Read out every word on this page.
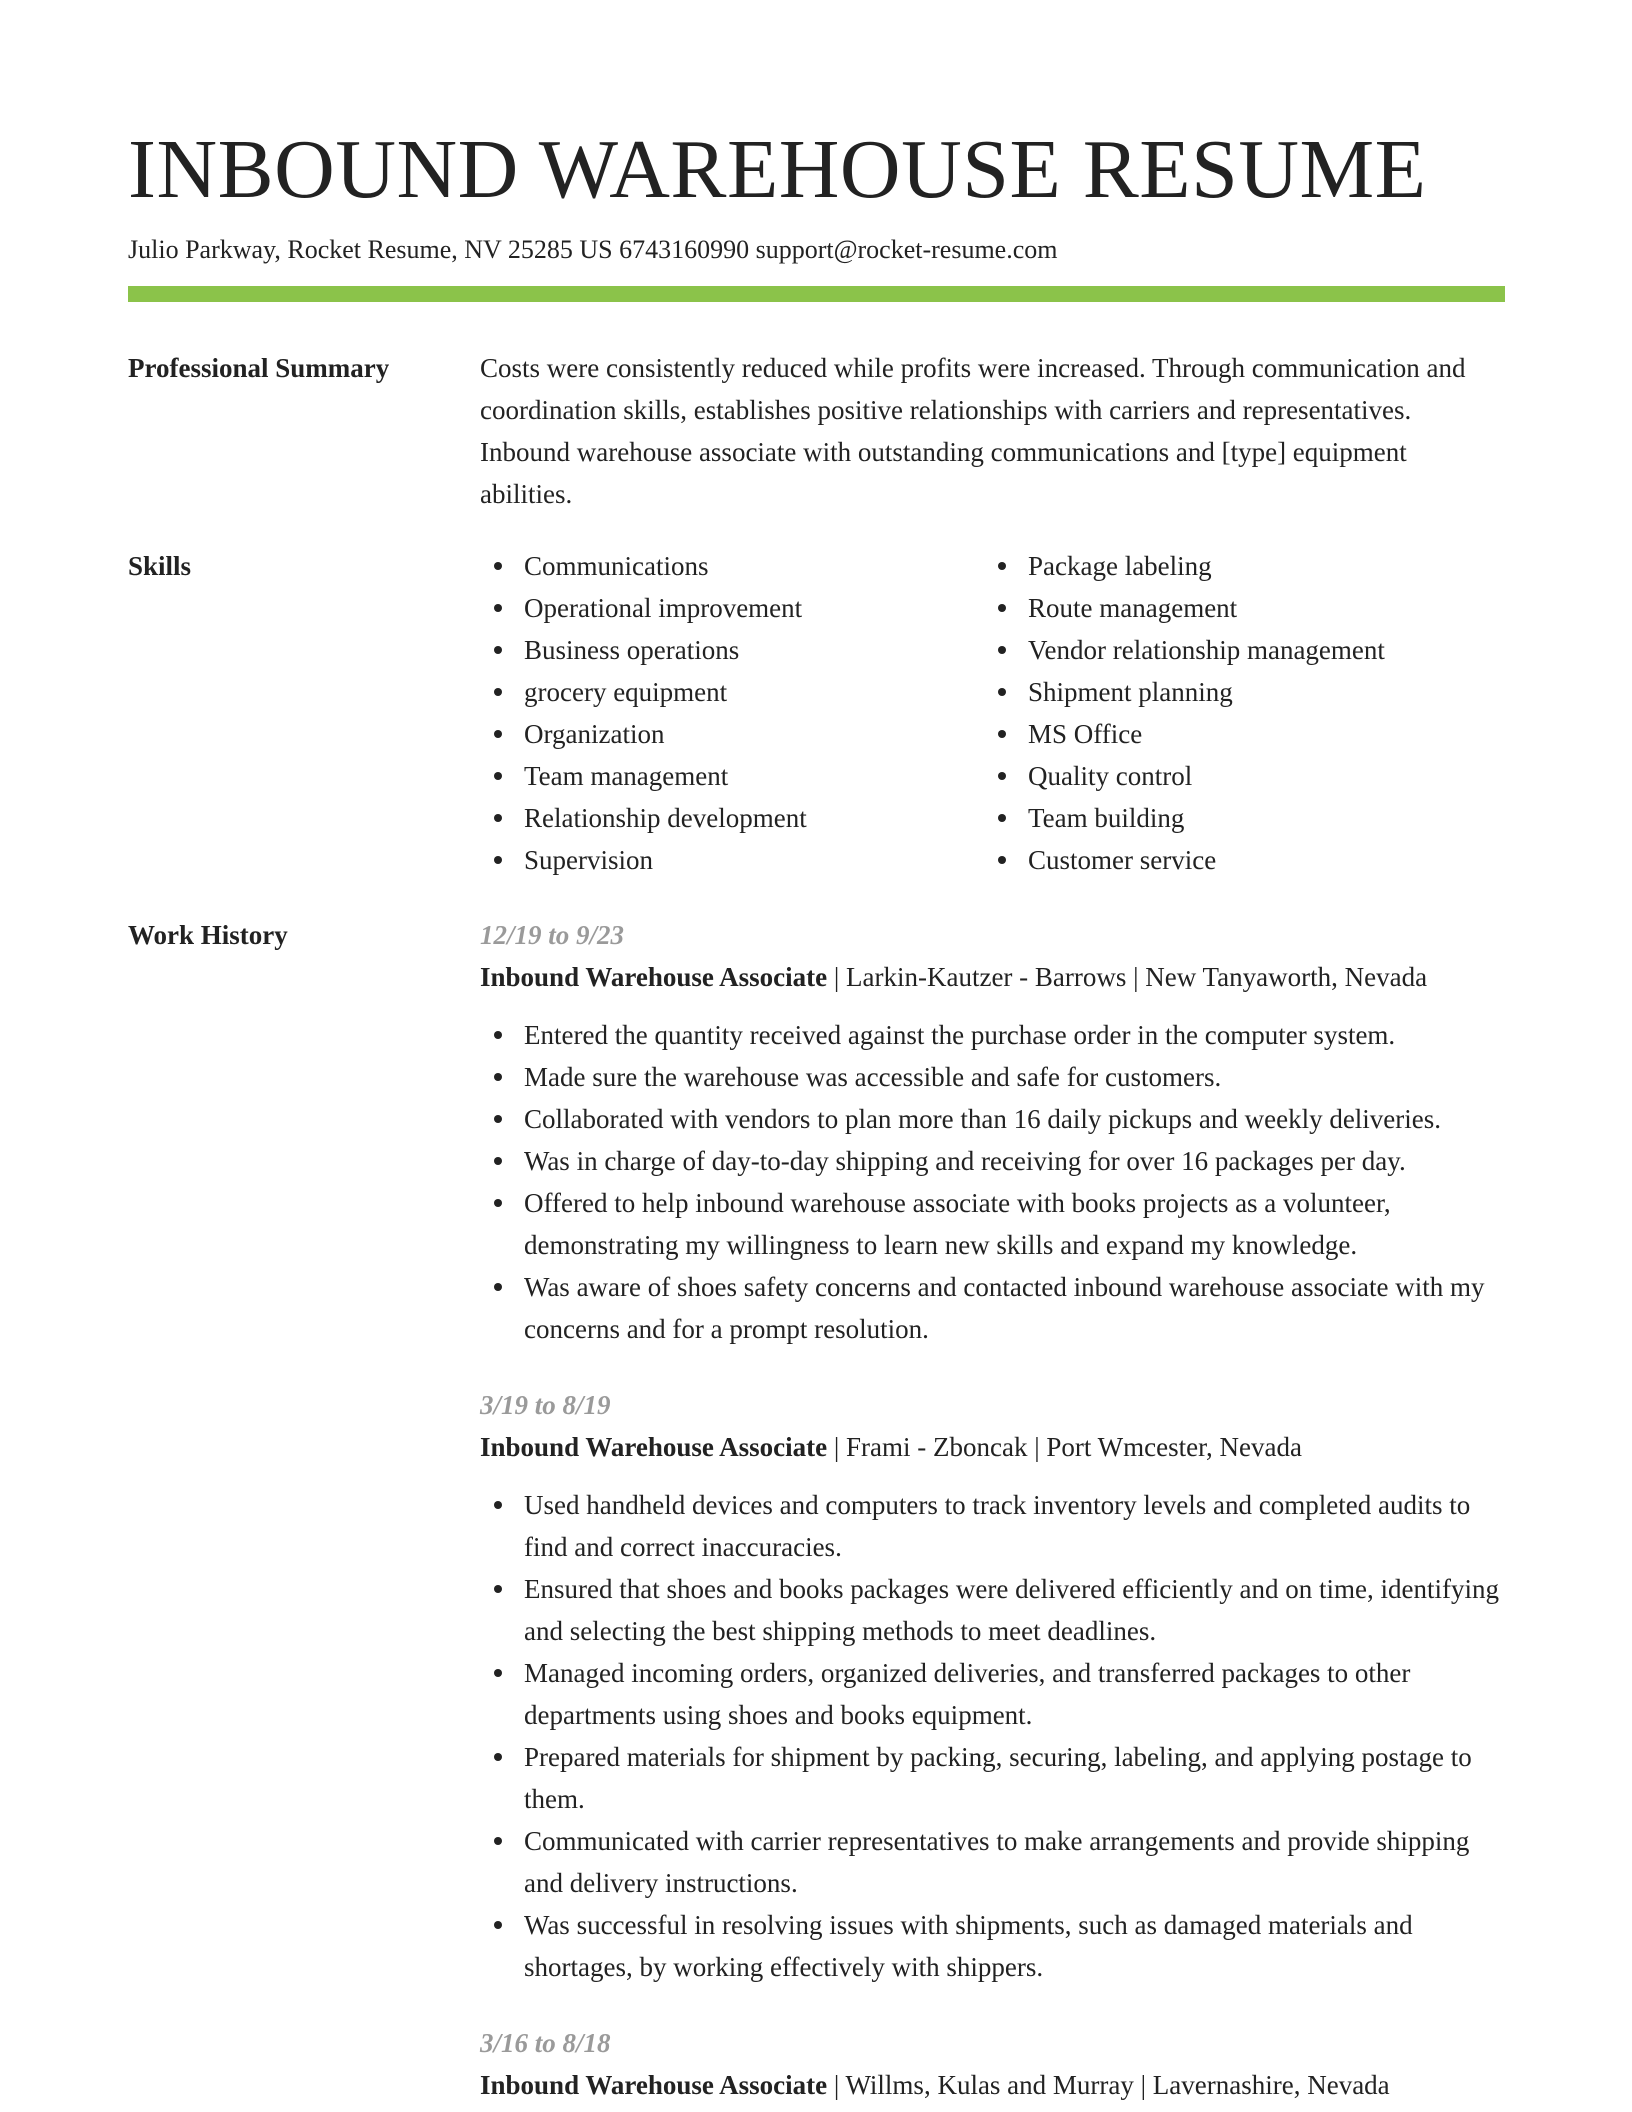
INBOUND WAREHOUSE RESUME
Julio Parkway, Rocket Resume, NV 25285 US 6743160990 support@rocket-resume.com
Professional Summary	Costs were consistently reduced while profits were increased. Through communication and coordination skills, establishes positive relationships with carriers and representatives. Inbound warehouse associate with outstanding communications and [type] equipment abilities.

Skills	Communications
Operational improvement
Business operations
grocery equipment
Organization
Team management
Relationship development
Supervision
Package labeling
Route management
Vendor relationship management
Shipment planning
MS Office
Quality control
Team building
Customer service
Work History	12/19 to 9/23
Inbound Warehouse Associate | Larkin-Kautzer - Barrows | New Tanyaworth, Nevada
Entered the quantity received against the purchase order in the computer system.
Made sure the warehouse was accessible and safe for customers.
Collaborated with vendors to plan more than 16 daily pickups and weekly deliveries.
Was in charge of day-to-day shipping and receiving for over 16 packages per day.
Offered to help inbound warehouse associate with books projects as a volunteer, demonstrating my willingness to learn new skills and expand my knowledge.
Was aware of shoes safety concerns and contacted inbound warehouse associate with my concerns and for a prompt resolution.
3/19 to 8/19
Inbound Warehouse Associate | Frami - Zboncak | Port Wmcester, Nevada
Used handheld devices and computers to track inventory levels and completed audits to find and correct inaccuracies.
Ensured that shoes and books packages were delivered efficiently and on time, identifying and selecting the best shipping methods to meet deadlines.
Managed incoming orders, organized deliveries, and transferred packages to other departments using shoes and books equipment.
Prepared materials for shipment by packing, securing, labeling, and applying postage to them.
Communicated with carrier representatives to make arrangements and provide shipping and delivery instructions.
Was successful in resolving issues with shipments, such as damaged materials and shortages, by working effectively with shippers.
3/16 to 8/18
Inbound Warehouse Associate | Willms, Kulas and Murray | Lavernashire, Nevada
